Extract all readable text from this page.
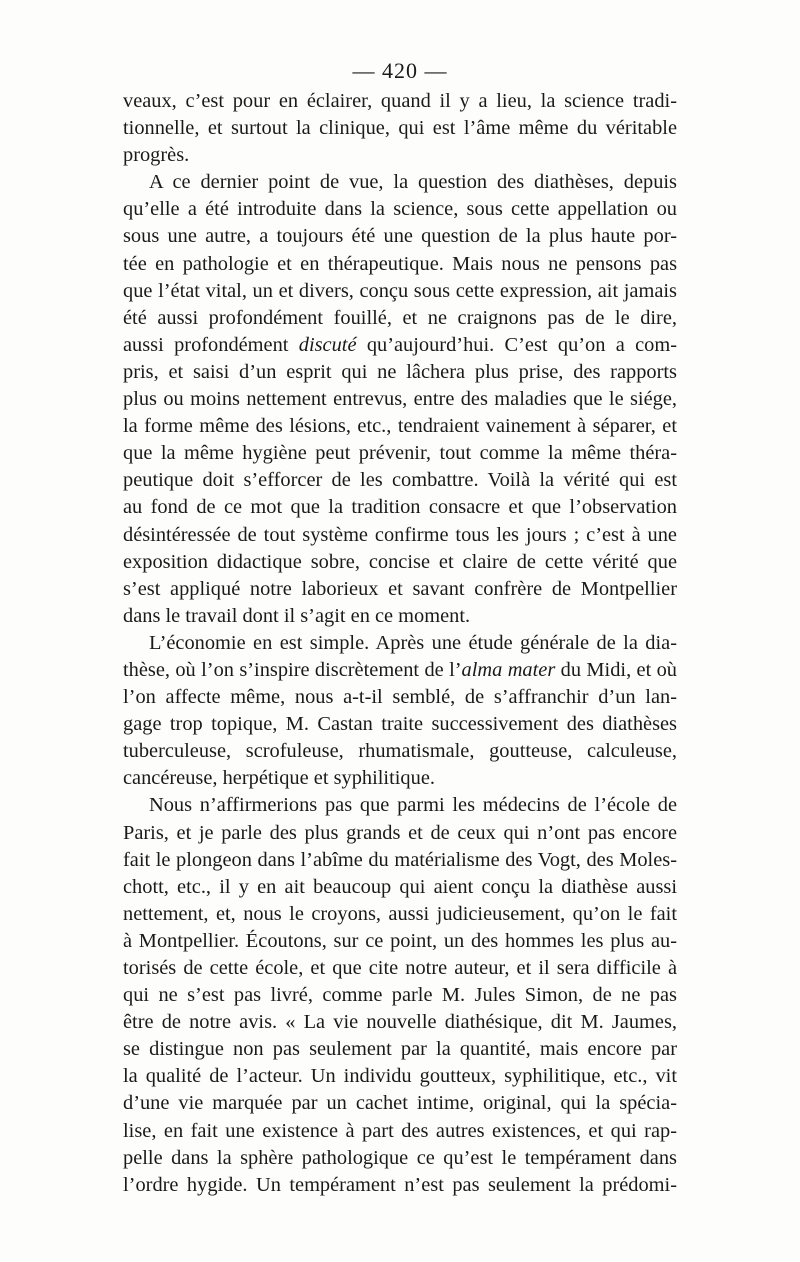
— 420 —
veaux, c’est pour en éclairer, quand il y a lieu, la science tradi-
tionnelle, et surtout la clinique, qui est l’âme même du véritable
progrès.
A ce dernier point de vue, la question des diathèses, depuis
qu’elle a été introduite dans la science, sous cette appellation ou
sous une autre, a toujours été une question de la plus haute por-
tée en pathologie et en thérapeutique. Mais nous ne pensons pas
que l’état vital, un et divers, conçu sous cette expression, ait jamais
été aussi profondément fouillé, et ne craignons pas de le dire,
aussi profondément discuté qu’aujourd’hui. C’est qu’on a com-
pris, et saisi d’un esprit qui ne lâchera plus prise, des rapports
plus ou moins nettement entrevus, entre des maladies que le siége,
la forme même des lésions, etc., tendraient vainement à séparer, et
que la même hygiène peut prévenir, tout comme la même théra-
peutique doit s’efforcer de les combattre. Voilà la vérité qui est
au fond de ce mot que la tradition consacre et que l’observation
désintéressée de tout système confirme tous les jours ; c’est à une
exposition didactique sobre, concise et claire de cette vérité que
s’est appliqué notre laborieux et savant confrère de Montpellier
dans le travail dont il s’agit en ce moment.
L’économie en est simple. Après une étude générale de la dia-
thèse, où l’on s’inspire discrètement de l’alma mater du Midi, et où
l’on affecte même, nous a-t-il semblé, de s’affranchir d’un lan-
gage trop topique, M. Castan traite successivement des diathèses
tuberculeuse, scrofuleuse, rhumatismale, goutteuse, calculeuse,
cancéreuse, herpétique et syphilitique.
Nous n’affirmerions pas que parmi les médecins de l’école de
Paris, et je parle des plus grands et de ceux qui n’ont pas encore
fait le plongeon dans l’abîme du matérialisme des Vogt, des Moles-
chott, etc., il y en ait beaucoup qui aient conçu la diathèse aussi
nettement, et, nous le croyons, aussi judicieusement, qu’on le fait
à Montpellier. Écoutons, sur ce point, un des hommes les plus au-
torisés de cette école, et que cite notre auteur, et il sera difficile à
qui ne s’est pas livré, comme parle M. Jules Simon, de ne pas
être de notre avis. « La vie nouvelle diathésique, dit M. Jaumes,
se distingue non pas seulement par la quantité, mais encore par
la qualité de l’acteur. Un individu goutteux, syphilitique, etc., vit
d’une vie marquée par un cachet intime, original, qui la spécia-
lise, en fait une existence à part des autres existences, et qui rap-
pelle dans la sphère pathologique ce qu’est le tempérament dans
l’ordre hygide. Un tempérament n’est pas seulement la prédomi-
